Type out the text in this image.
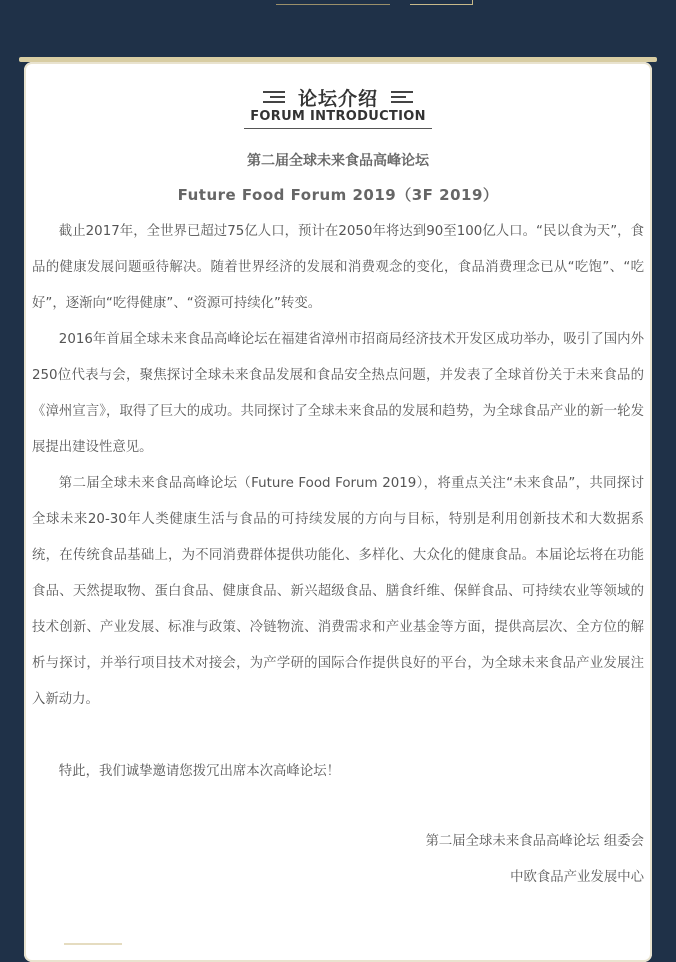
论坛介绍
FORUM INTRODUCTION
第二届全球未来食品高峰论坛
Future Food Forum 2019（3F 2019）

截止2017年，全世界已超过75亿人口，预计在2050年将达到90至100亿人口。“民以食为天”，食品的健康发展问题亟待解决。随着世界经济的发展和消费观念的变化，食品消费理念已从“吃饱”、“吃好”，逐渐向“吃得健康”、“资源可持续化”转变。

2016年首届全球未来食品高峰论坛在福建省漳州市招商局经济技术开发区成功举办，吸引了国内外250位代表与会，聚焦探讨全球未来食品发展和食品安全热点问题，并发表了全球首份关于未来食品的《漳州宣言》，取得了巨大的成功。共同探讨了全球未来食品的发展和趋势，为全球食品产业的新一轮发展提出建设性意见。

第二届全球未来食品高峰论坛（Future Food Forum 2019），将重点关注“未来食品”，共同探讨全球未来20-30年人类健康生活与食品的可持续发展的方向与目标，特别是利用创新技术和大数据系统，在传统食品基础上，为不同消费群体提供功能化、多样化、大众化的健康食品。本届论坛将在功能食品、天然提取物、蛋白食品、健康食品、新兴超级食品、膳食纤维、保鲜食品、可持续农业等领域的技术创新、产业发展、标准与政策、冷链物流、消费需求和产业基金等方面，提供高层次、全方位的解析与探讨，并举行项目技术对接会，为产学研的国际合作提供良好的平台，为全球未来食品产业发展注入新动力。

特此，我们诚挚邀请您拨冗出席本次高峰论坛！

第二届全球未来食品高峰论坛 组委会
中欧食品产业发展中心
